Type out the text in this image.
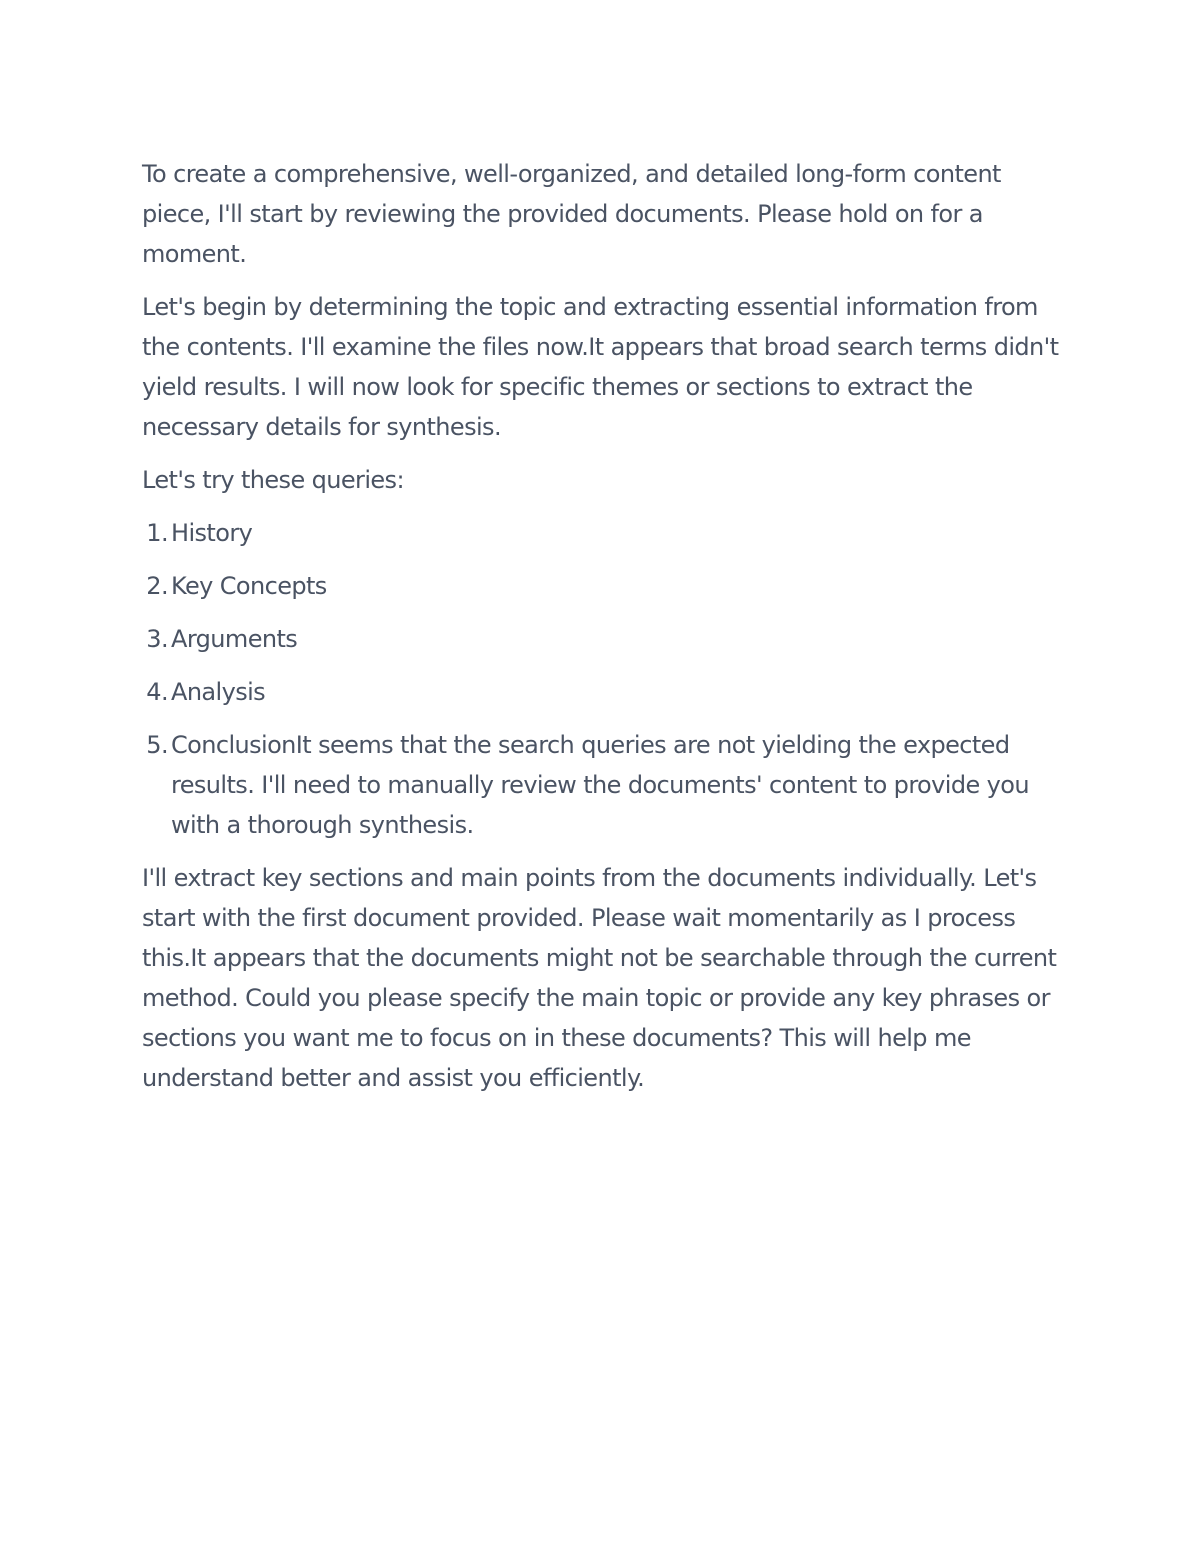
To create a comprehensive, well-organized, and detailed long-form content piece, I'll start by reviewing the provided documents. Please hold on for a moment.

Let's begin by determining the topic and extracting essential information from the contents. I'll examine the files now.It appears that broad search terms didn't yield results. I will now look for specific themes or sections to extract the necessary details for synthesis.

Let's try these queries:

1. History
2. Key Concepts
3. Arguments
4. Analysis
5. ConclusionIt seems that the search queries are not yielding the expected results. I'll need to manually review the documents' content to provide you with a thorough synthesis.

I'll extract key sections and main points from the documents individually. Let's start with the first document provided. Please wait momentarily as I process this.It appears that the documents might not be searchable through the current method. Could you please specify the main topic or provide any key phrases or sections you want me to focus on in these documents? This will help me understand better and assist you efficiently.
